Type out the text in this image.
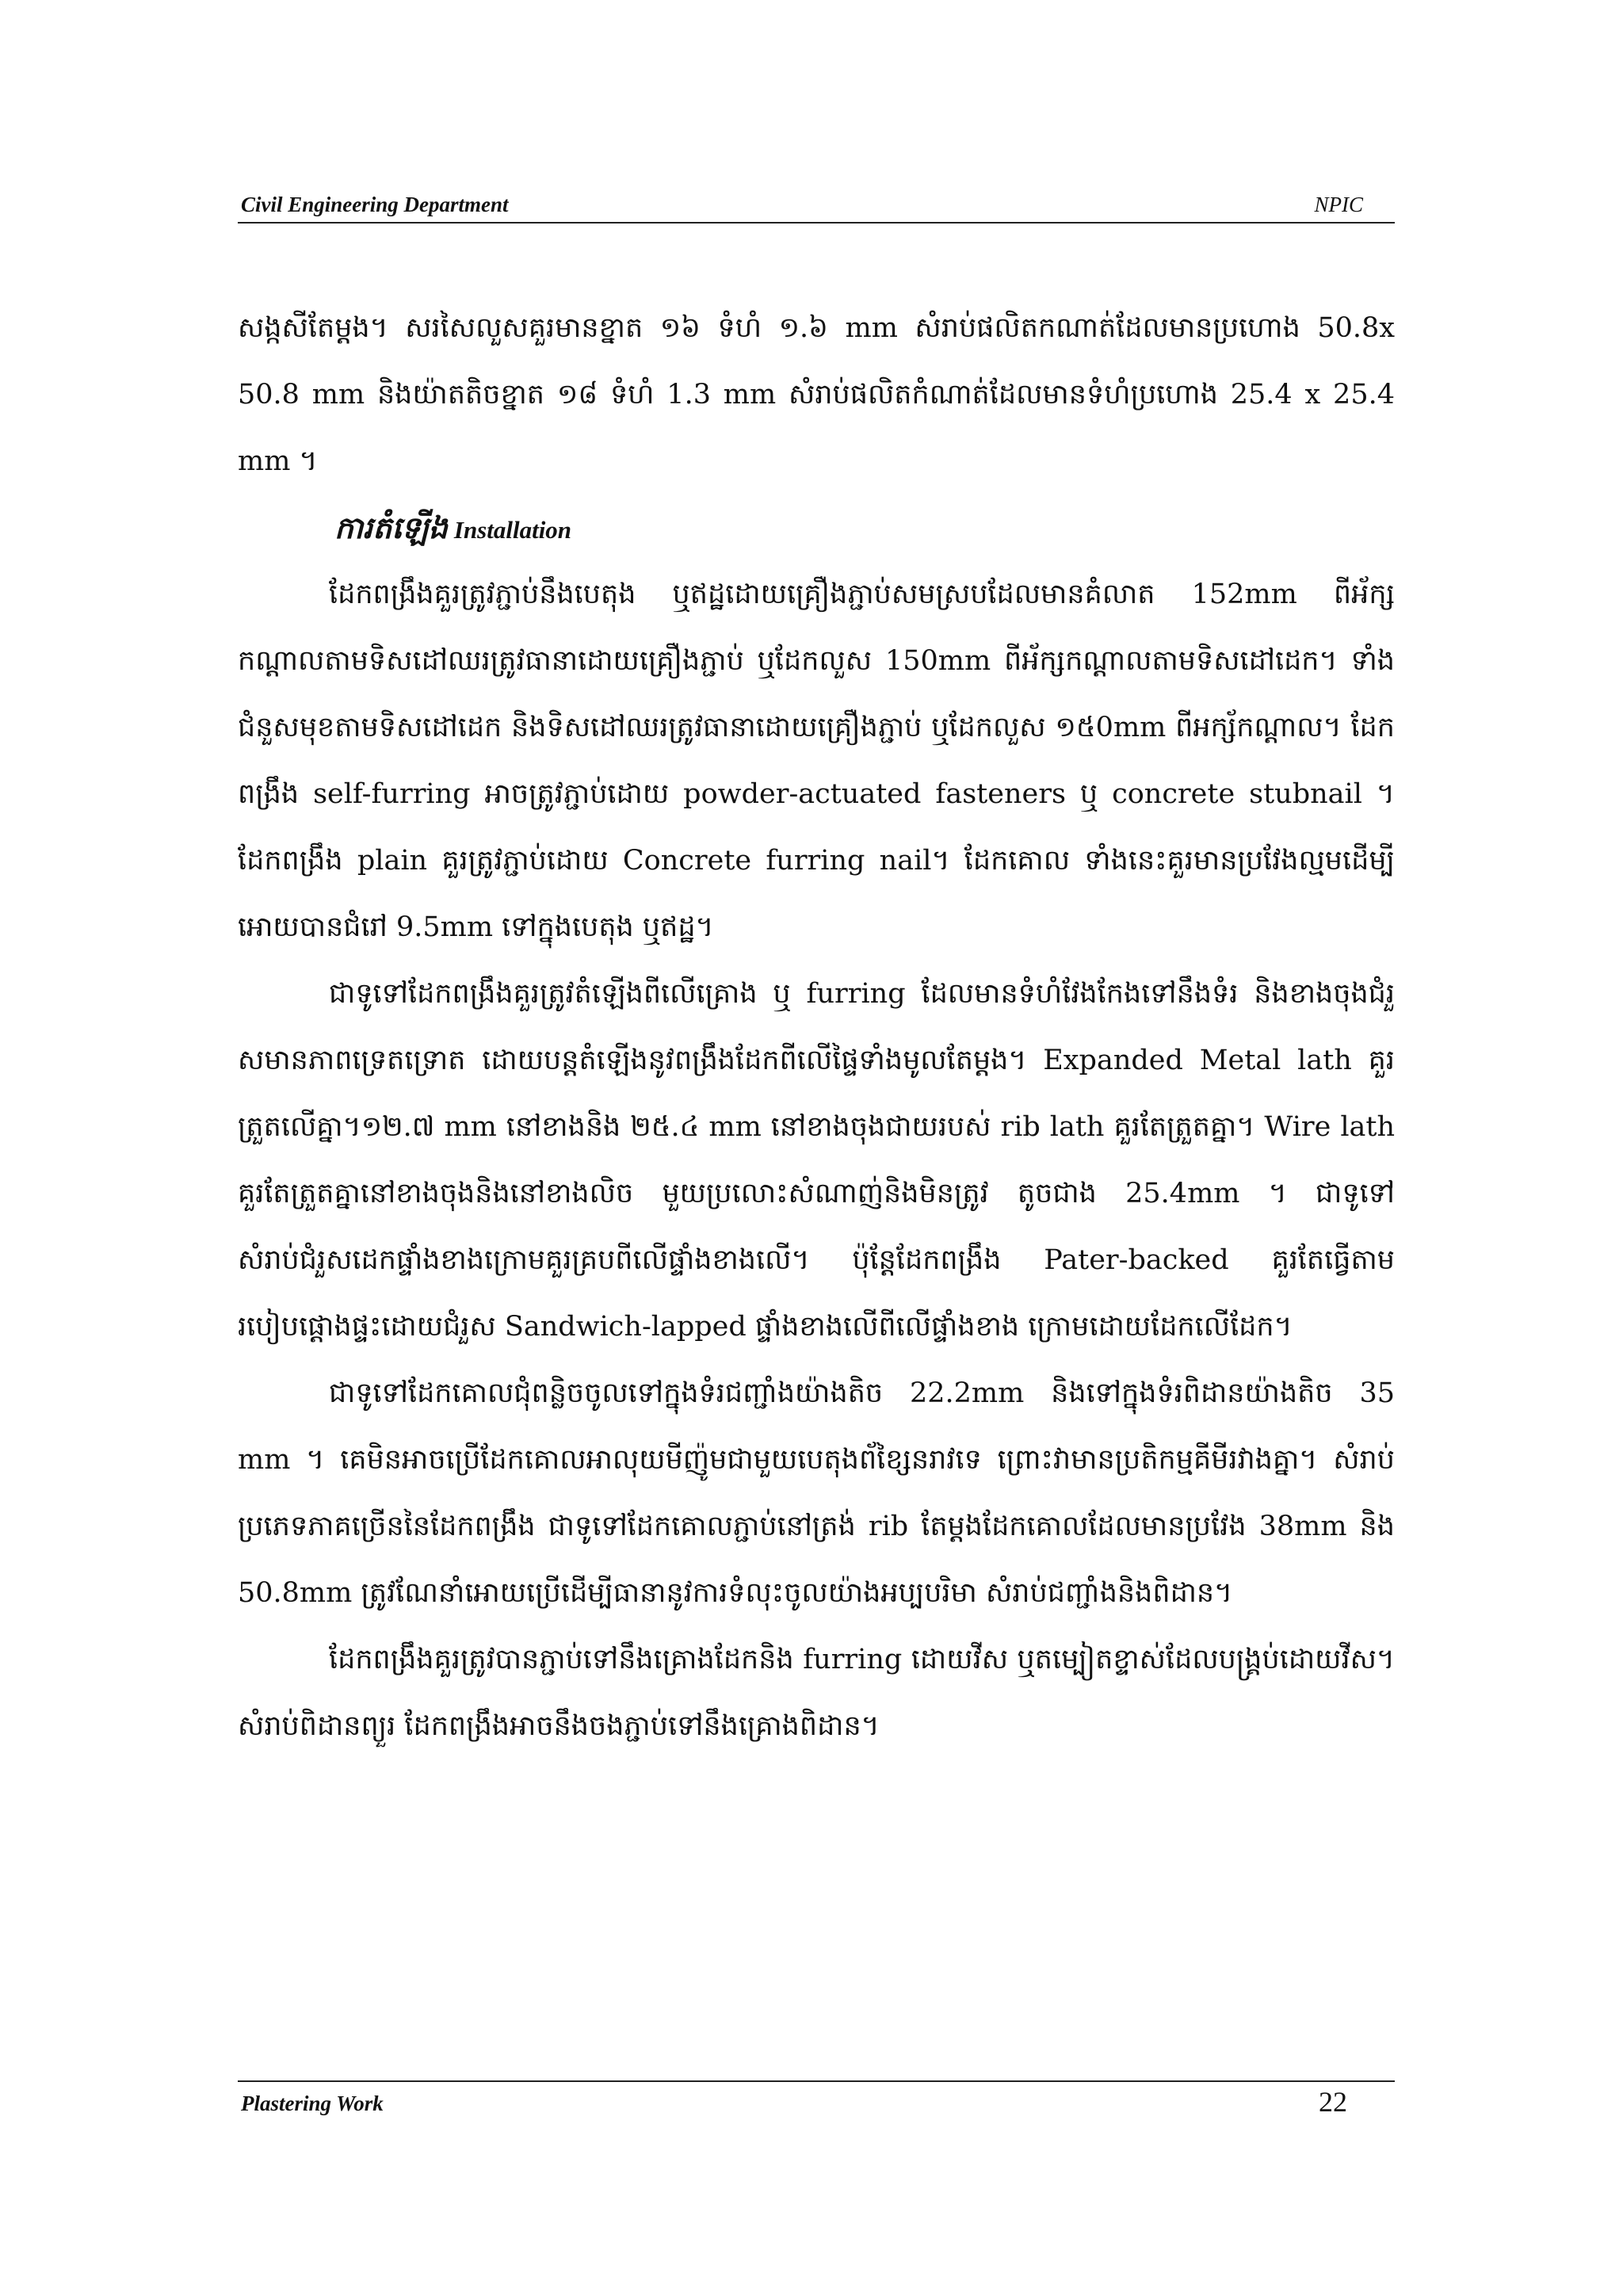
Civil Engineering Department	NPIC

សង្កសីតែម្តង។ សរសៃលួសគួរមានខ្នាត ១៦ ទំហំ ១.៦ mm សំរាប់ផលិតកណាត់ដែលមានប្រហោង 50.8x 50.8 mm និងយ៉ាតតិចខ្នាត ១៨ ទំហំ 1.3 mm សំរាប់ផលិតកំណាត់ដែលមានទំហំប្រហោង 25.4 x 25.4 mm ។

ការតំឡើង Installation

ដែកពង្រឹងគួរត្រូវភ្ជាប់នឹងបេតុង ឬឥដ្ឋដោយគ្រឿងភ្ជាប់សមស្របដែលមានគំលាត 152mm ពីអ័ក្សកណ្តាលតាមទិសដៅឈរត្រូវធានាដោយគ្រឿងភ្ជាប់ ឬដែកលួស 150mm ពីអ័ក្សកណ្តាលតាមទិសដៅដេក។ ទាំងជំនួសមុខតាមទិសដៅដេក និងទិសដៅឈរត្រូវធានាដោយគ្រឿងភ្ជាប់ ឬដែកលួស ១៥0mm ពីអក្ស័កណ្តាល។ ដែកពង្រឹង self-furring អាចត្រូវភ្ជាប់ដោយ powder-actuated fasteners ឬ concrete stubnail ។ ដែកពង្រឹង plain គួរត្រូវភ្ជាប់ដោយ Concrete furring nail។ ដែកគោល ទាំងនេះគួរមានប្រវែងល្មមដើម្បីអោយបានជំរៅ 9.5mm ទៅក្នុងបេតុង ឬឥដ្ឋ។

ជាទូទៅដែកពង្រឹងគួរត្រូវតំឡើងពីលើគ្រោង ឬ furring ដែលមានទំហំវែងកែងទៅនឹងទំរ និងខាងចុងជំរួសមានភាពទ្រេតទ្រោត ដោយបន្តតំឡើងនូវពង្រឹងដែកពីលើផ្ទៃទាំងមូលតែម្តង។ Expanded Metal lath គួរត្រួតលើគ្នា។១២.៧ mm នៅខាងនិង ២៥.៤ mm នៅខាងចុងជាយរបស់ rib lath គួរតែត្រួតគ្នា។ Wire lath គួរតែត្រួតគ្នានៅខាងចុងនិងនៅខាងលិច មួយប្រលោះសំណាញ់និងមិនត្រូវ តូចជាង 25.4mm ។ ជាទូទៅសំរាប់ជំរួសដេកផ្ទាំងខាងក្រោមគួរគ្របពីលើផ្ទាំងខាងលើ។ ប៉ុន្តែដែកពង្រឹង Pater-backed គួរតែធ្វើតាមរបៀបផ្តោងផ្ទះដោយជំរួស Sandwich-lapped ផ្ទាំងខាងលើពីលើផ្ទាំងខាង ក្រោមដោយដែកលើដែក។

ជាទូទៅដែកគោលជុំពន្លិចចូលទៅក្នុងទំរជញ្ជាំងយ៉ាងតិច 22.2mm និងទៅក្នុងទំរពិដានយ៉ាងតិច 35 mm ។ គេមិនអាចប្រើដែកគោលអាលុយមីញ៉ូមជាមួយបេតុងព័ខ្សៃនរាវទេ ព្រោះវាមានប្រតិកម្មគីមីរវាងគ្នា។ សំរាប់ប្រភេទភាគច្រើននៃដែកពង្រឹង ជាទូទៅដែកគោលភ្ជាប់នៅត្រង់ rib តែម្តងដែកគោលដែលមានប្រវែង 38mm និង 50.8mm ត្រូវណែនាំអោយប្រើដើម្បីធានានូវការទំលុះចូលយ៉ាងអប្បបរិមា សំរាប់ជញ្ជាំងនិងពិដាន។

ដែកពង្រឹងគួរត្រូវបានភ្ជាប់ទៅនឹងគ្រោងដែកនិង furring ដោយវីស ឬតម្បៀតខ្ទាស់ដែលបង្គ្រប់ដោយវីស។ សំរាប់ពិដានព្យួរ ដែកពង្រឹងអាចនឹងចងភ្ជាប់ទៅនឹងគ្រោងពិដាន។

Plastering Work	22
